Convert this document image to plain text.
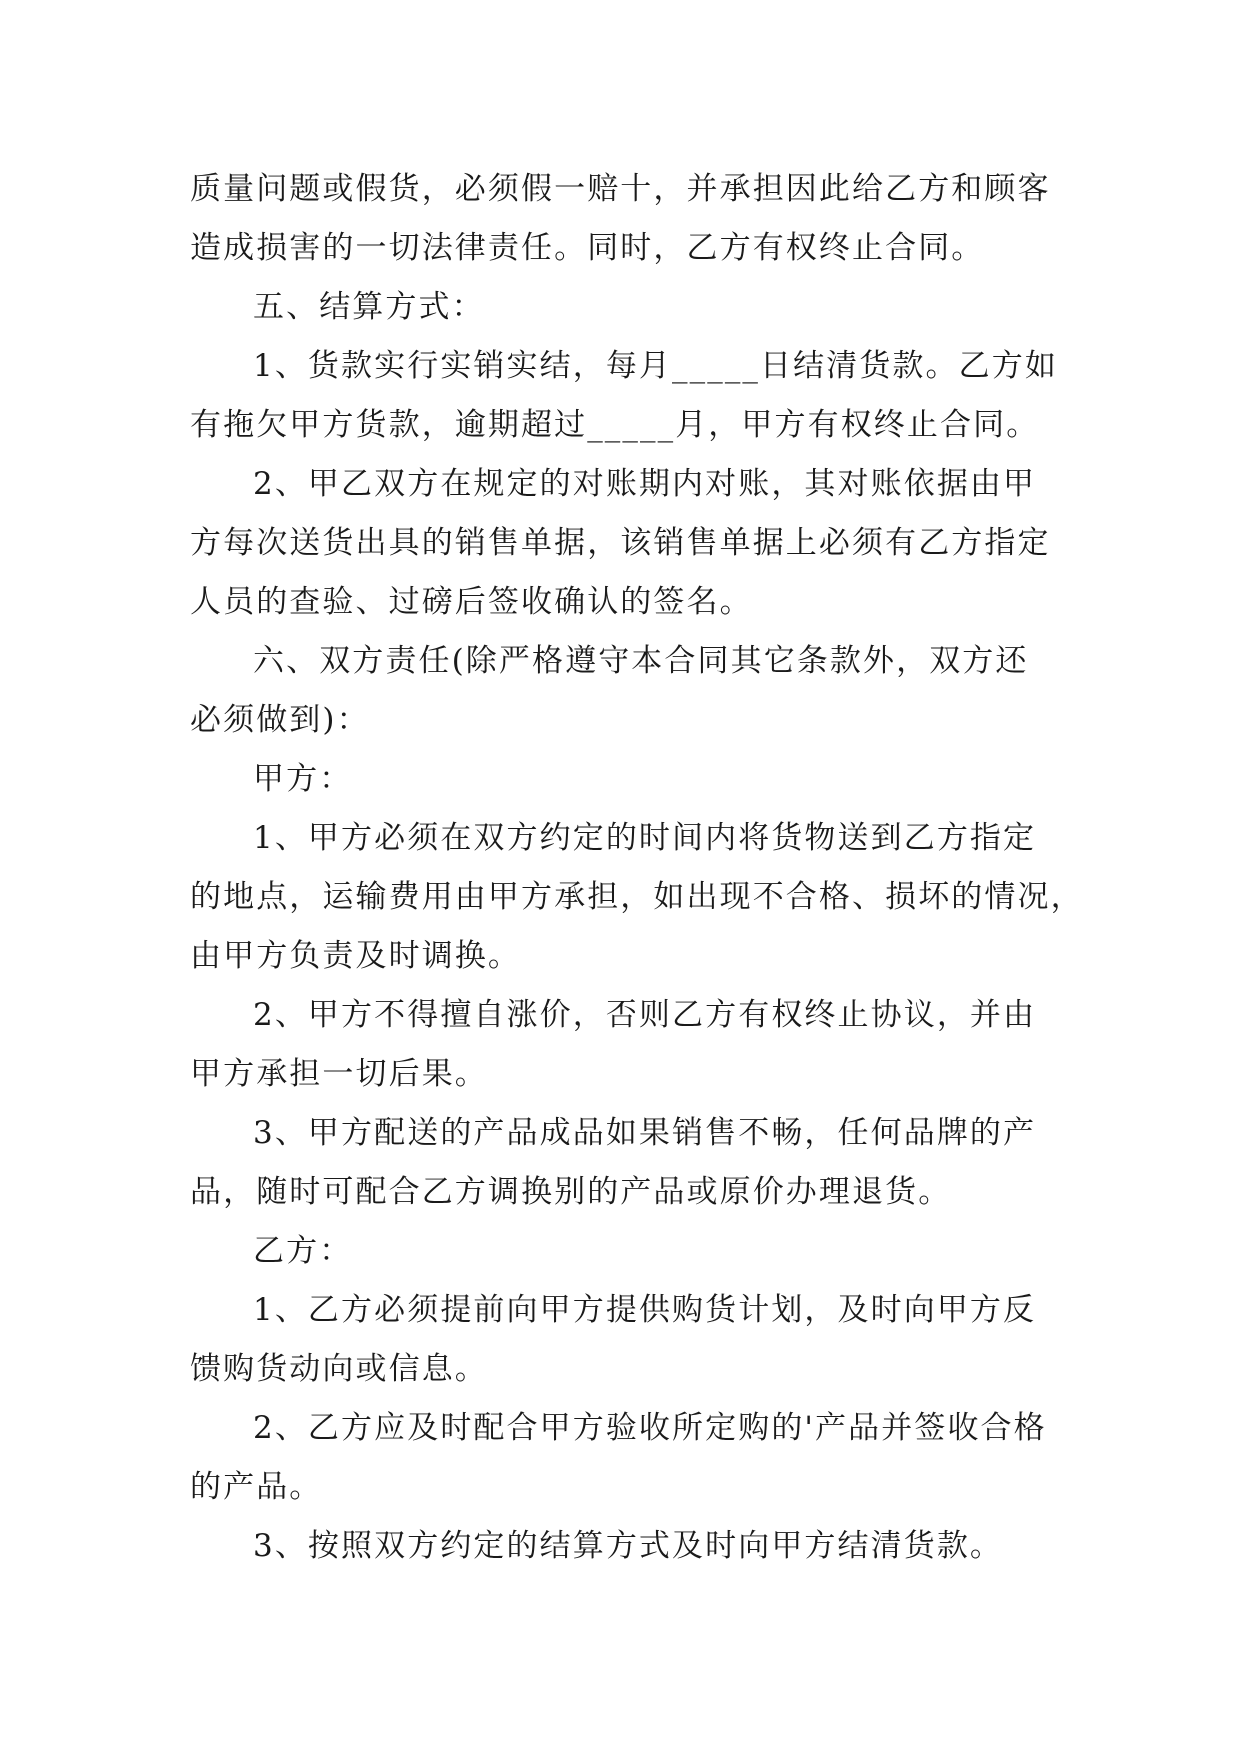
质量问题或假货，必须假一赔十，并承担因此给乙方和顾客
造成损害的一切法律责任。同时，乙方有权终止合同。
五、结算方式：
1、货款实行实销实结，每月_____日结清货款。乙方如
有拖欠甲方货款，逾期超过_____月，甲方有权终止合同。
2、甲乙双方在规定的对账期内对账，其对账依据由甲
方每次送货出具的销售单据，该销售单据上必须有乙方指定
人员的查验、过磅后签收确认的签名。
六、双方责任(除严格遵守本合同其它条款外，双方还
必须做到)：
甲方：
1、甲方必须在双方约定的时间内将货物送到乙方指定
的地点，运输费用由甲方承担，如出现不合格、损坏的情况，
由甲方负责及时调换。
2、甲方不得擅自涨价，否则乙方有权终止协议，并由
甲方承担一切后果。
3、甲方配送的产品成品如果销售不畅，任何品牌的产
品，随时可配合乙方调换别的产品或原价办理退货。
乙方：
1、乙方必须提前向甲方提供购货计划，及时向甲方反
馈购货动向或信息。
2、乙方应及时配合甲方验收所定购的'产品并签收合格
的产品。
3、按照双方约定的结算方式及时向甲方结清货款。
